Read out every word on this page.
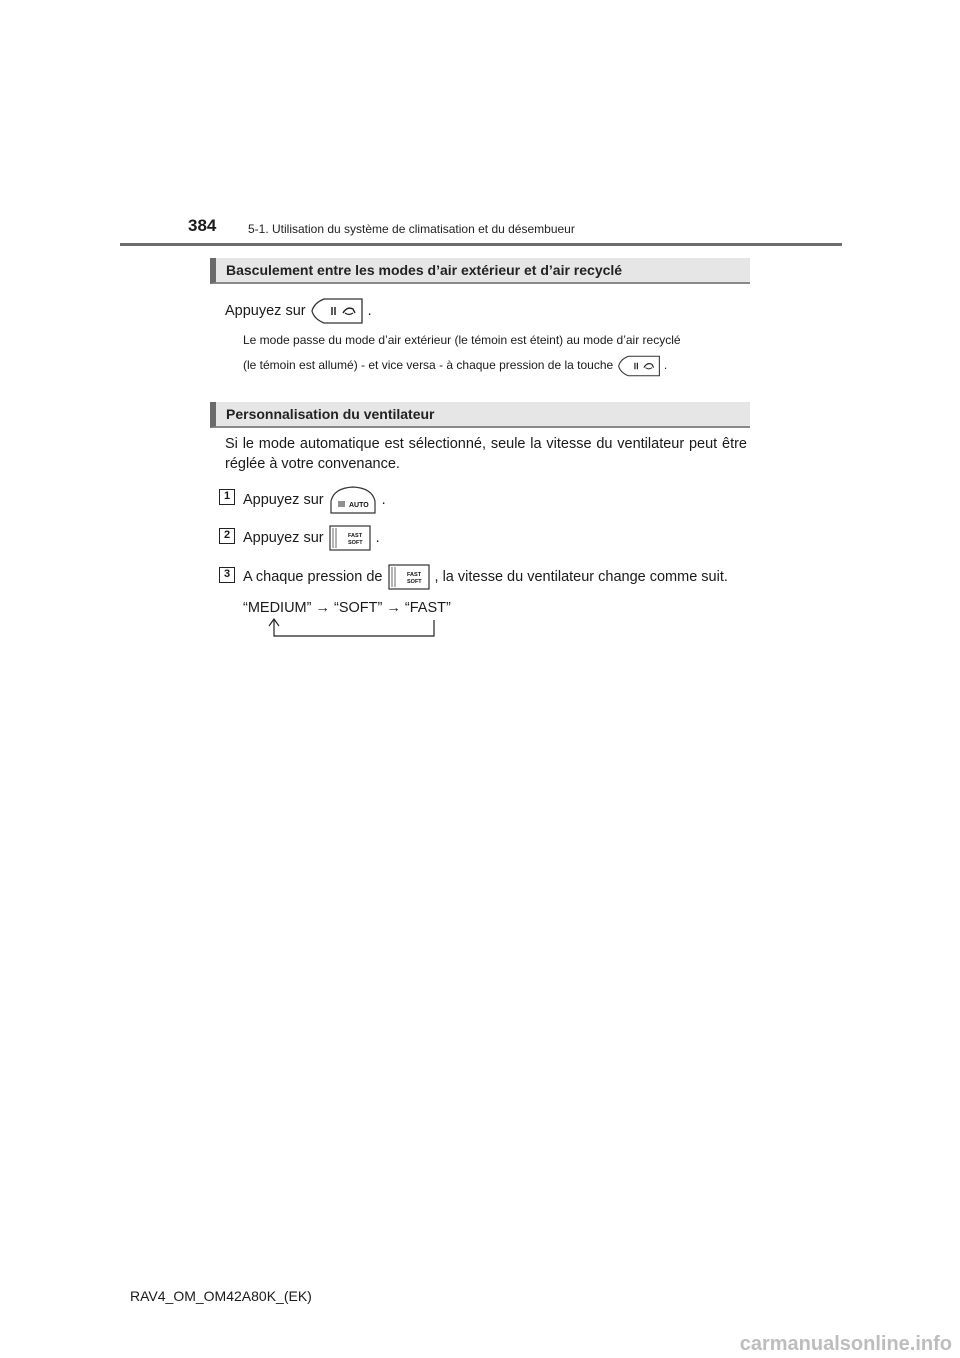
384	5-1. Utilisation du système de climatisation et du désembueur
Basculement entre les modes d’air extérieur et d’air recyclé
Appuyez sur	.
Le mode passe du mode d’air extérieur (le témoin est éteint) au mode d’air recyclé
(le témoin est allumé) - et vice versa - à chaque pression de la touche	.
Personnalisation du ventilateur
Si le mode automatique est sélectionné, seule la vitesse du ventilateur peut être réglée à votre convenance.
1 Appuyez sur	AUTO .
2 Appuyez sur	FAST
SOFT .
3 A chaque pression de	FAST
SOFT , la vitesse du ventilateur change comme suit.
“MEDIUM” → “SOFT” → “FAST”
RAV4_OM_OM42A80K_(EK)
carmanualsonline.info
